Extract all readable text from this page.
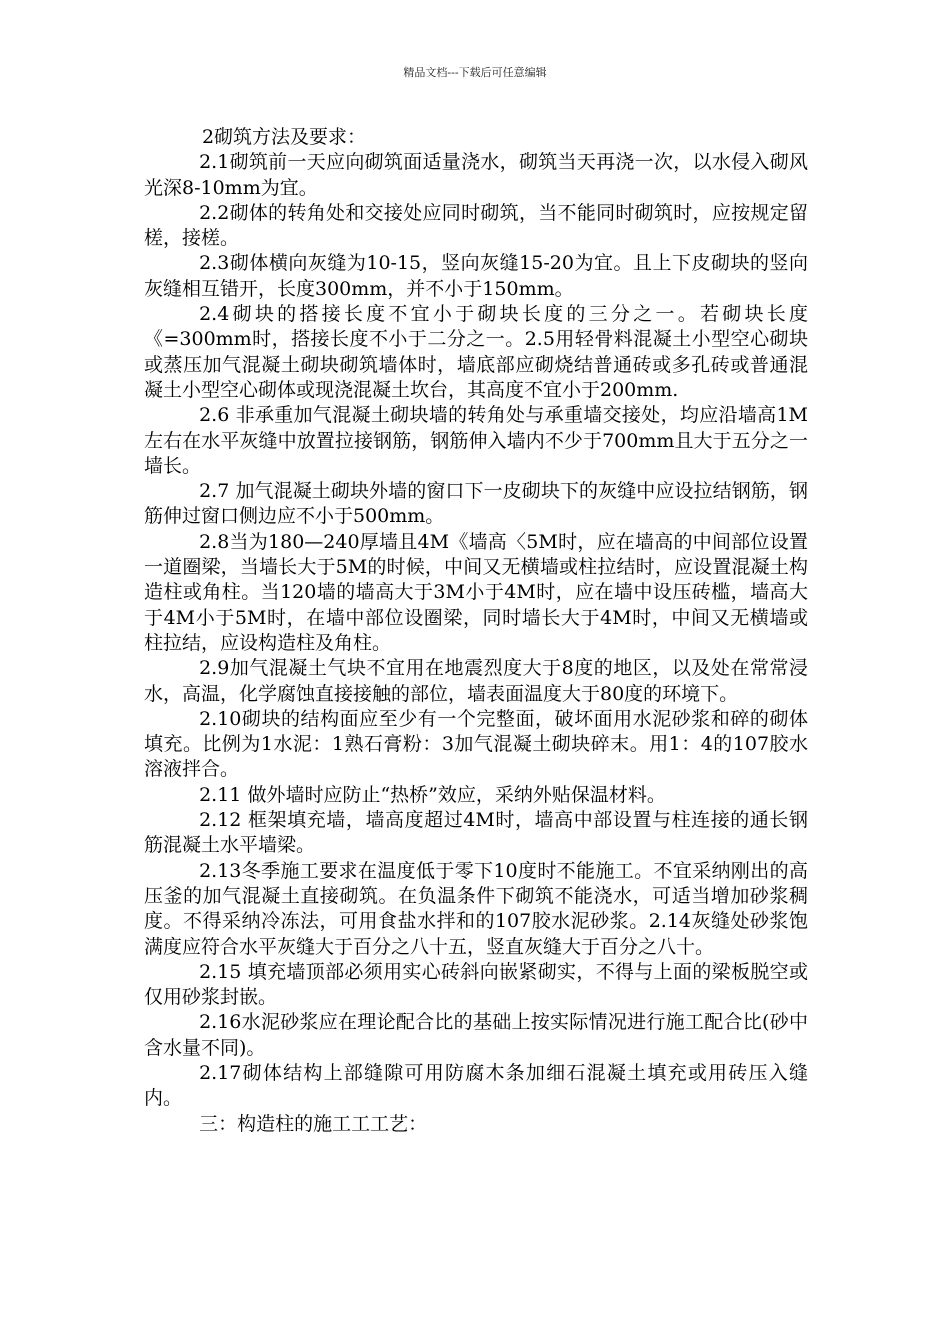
精品文档---下载后可任意编辑

2砌筑方法及要求：

2.1砌筑前一天应向砌筑面适量浇水，砌筑当天再浇一次，以水侵入砌风光深8-10mm为宜。

2.2砌体的转角处和交接处应同时砌筑，当不能同时砌筑时，应按规定留槎，接槎。

2.3砌体横向灰缝为10-15，竖向灰缝15-20为宜。且上下皮砌块的竖向灰缝相互错开，长度300mm，并不小于150mm。

2.4砌块的搭接长度不宜小于砌块长度的三分之一。若砌块长度《=300mm时，搭接长度不小于二分之一。2.5用轻骨料混凝土小型空心砌块或蒸压加气混凝土砌块砌筑墙体时，墙底部应砌烧结普通砖或多孔砖或普通混凝土小型空心砌体或现浇混凝土坎台，其高度不宜小于200mm.

2.6 非承重加气混凝土砌块墙的转角处与承重墙交接处，均应沿墙高1M左右在水平灰缝中放置拉接钢筋，钢筋伸入墙内不少于700mm且大于五分之一墙长。

2.7 加气混凝土砌块外墙的窗口下一皮砌块下的灰缝中应设拉结钢筋，钢筋伸过窗口侧边应不小于500mm。

2.8当为180—240厚墙且4M《墙高〈5M时，应在墙高的中间部位设置一道圈梁，当墙长大于5M的时候，中间又无横墙或柱拉结时，应设置混凝土构造柱或角柱。当120墙的墙高大于3M小于4M时，应在墙中设压砖槛，墙高大于4M小于5M时，在墙中部位设圈梁，同时墙长大于4M时，中间又无横墙或柱拉结，应设构造柱及角柱。

2.9加气混凝土气块不宜用在地震烈度大于8度的地区，以及处在常常浸水，高温，化学腐蚀直接接触的部位，墙表面温度大于80度的环境下。

2.10砌块的结构面应至少有一个完整面，破坏面用水泥砂浆和碎的砌体填充。比例为1水泥：1熟石膏粉：3加气混凝土砌块碎末。用1：4的107胶水溶液拌合。

2.11 做外墙时应防止“热桥”效应，采纳外贴保温材料。

2.12 框架填充墙，墙高度超过4M时，墙高中部设置与柱连接的通长钢筋混凝土水平墙梁。

2.13冬季施工要求在温度低于零下10度时不能施工。不宜采纳刚出的高压釜的加气混凝土直接砌筑。在负温条件下砌筑不能浇水，可适当增加砂浆稠度。不得采纳冷冻法，可用食盐水拌和的107胶水泥砂浆。2.14灰缝处砂浆饱满度应符合水平灰缝大于百分之八十五，竖直灰缝大于百分之八十。

2.15 填充墙顶部必须用实心砖斜向嵌紧砌实，不得与上面的梁板脱空或仅用砂浆封嵌。

2.16水泥砂浆应在理论配合比的基础上按实际情况进行施工配合比(砂中含水量不同)。

2.17砌体结构上部缝隙可用防腐木条加细石混凝土填充或用砖压入缝内。

三：构造柱的施工工工艺：
